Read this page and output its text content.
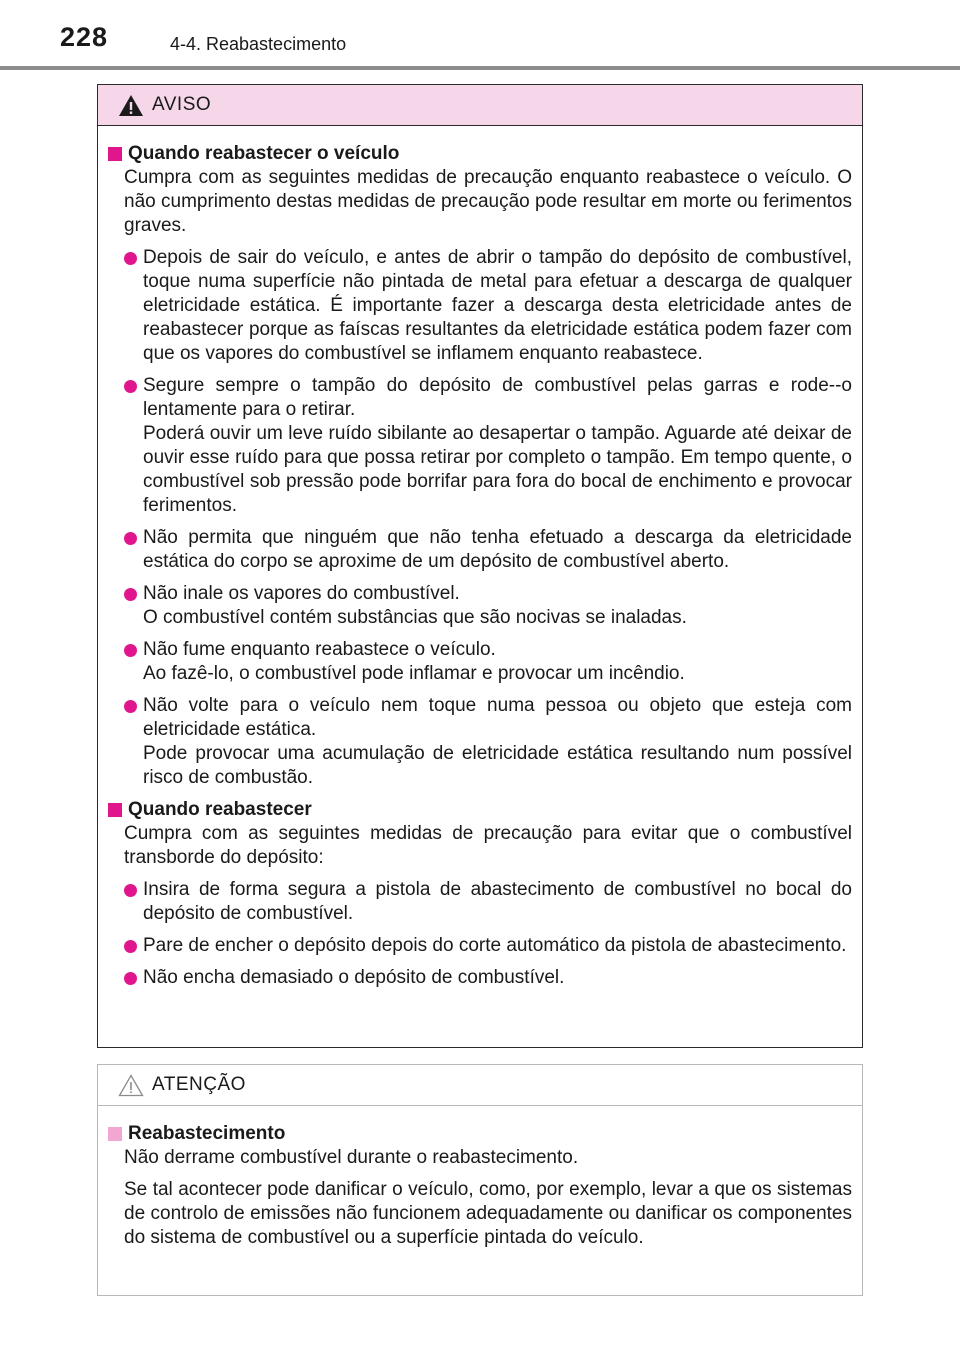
228	4-4. Reabastecimento
AVISO
Quando reabastecer o veículo

Cumpra com as seguintes medidas de precaução enquanto reabastece o veículo. O não cumprimento destas medidas de precaução pode resultar em morte ou ferimentos graves.

Depois de sair do veículo, e antes de abrir o tampão do depósito de combustível, toque numa superfície não pintada de metal para efetuar a descarga de qualquer eletricidade estática. É importante fazer a descarga desta eletricidade antes de reabastecer porque as faíscas resultantes da eletricidade estática podem fazer com que os vapores do combustível se inflamem enquanto reabastece.

Segure sempre o tampão do depósito de combustível pelas garras e rode--o lentamente para o retirar.

Poderá ouvir um leve ruído sibilante ao desapertar o tampão. Aguarde até deixar de ouvir esse ruído para que possa retirar por completo o tampão. Em tempo quente, o combustível sob pressão pode borrifar para fora do bocal de enchimento e provocar ferimentos.

Não permita que ninguém que não tenha efetuado a descarga da eletricidade estática do corpo se aproxime de um depósito de combustível aberto.

Não inale os vapores do combustível.

O combustível contém substâncias que são nocivas se inaladas.

Não fume enquanto reabastece o veículo.

Ao fazê-lo, o combustível pode inflamar e provocar um incêndio.

Não volte para o veículo nem toque numa pessoa ou objeto que esteja com eletricidade estática.

Pode provocar uma acumulação de eletricidade estática resultando num possível risco de combustão.

Quando reabastecer

Cumpra com as seguintes medidas de precaução para evitar que o combustível transborde do depósito:

Insira de forma segura a pistola de abastecimento de combustível no bocal do depósito de combustível.

Pare de encher o depósito depois do corte automático da pistola de abastecimento.

Não encha demasiado o depósito de combustível.

ATENÇÃO
Reabastecimento

Não derrame combustível durante o reabastecimento.

Se tal acontecer pode danificar o veículo, como, por exemplo, levar a que os sistemas de controlo de emissões não funcionem adequadamente ou danificar os componentes do sistema de combustível ou a superfície pintada do veículo.
